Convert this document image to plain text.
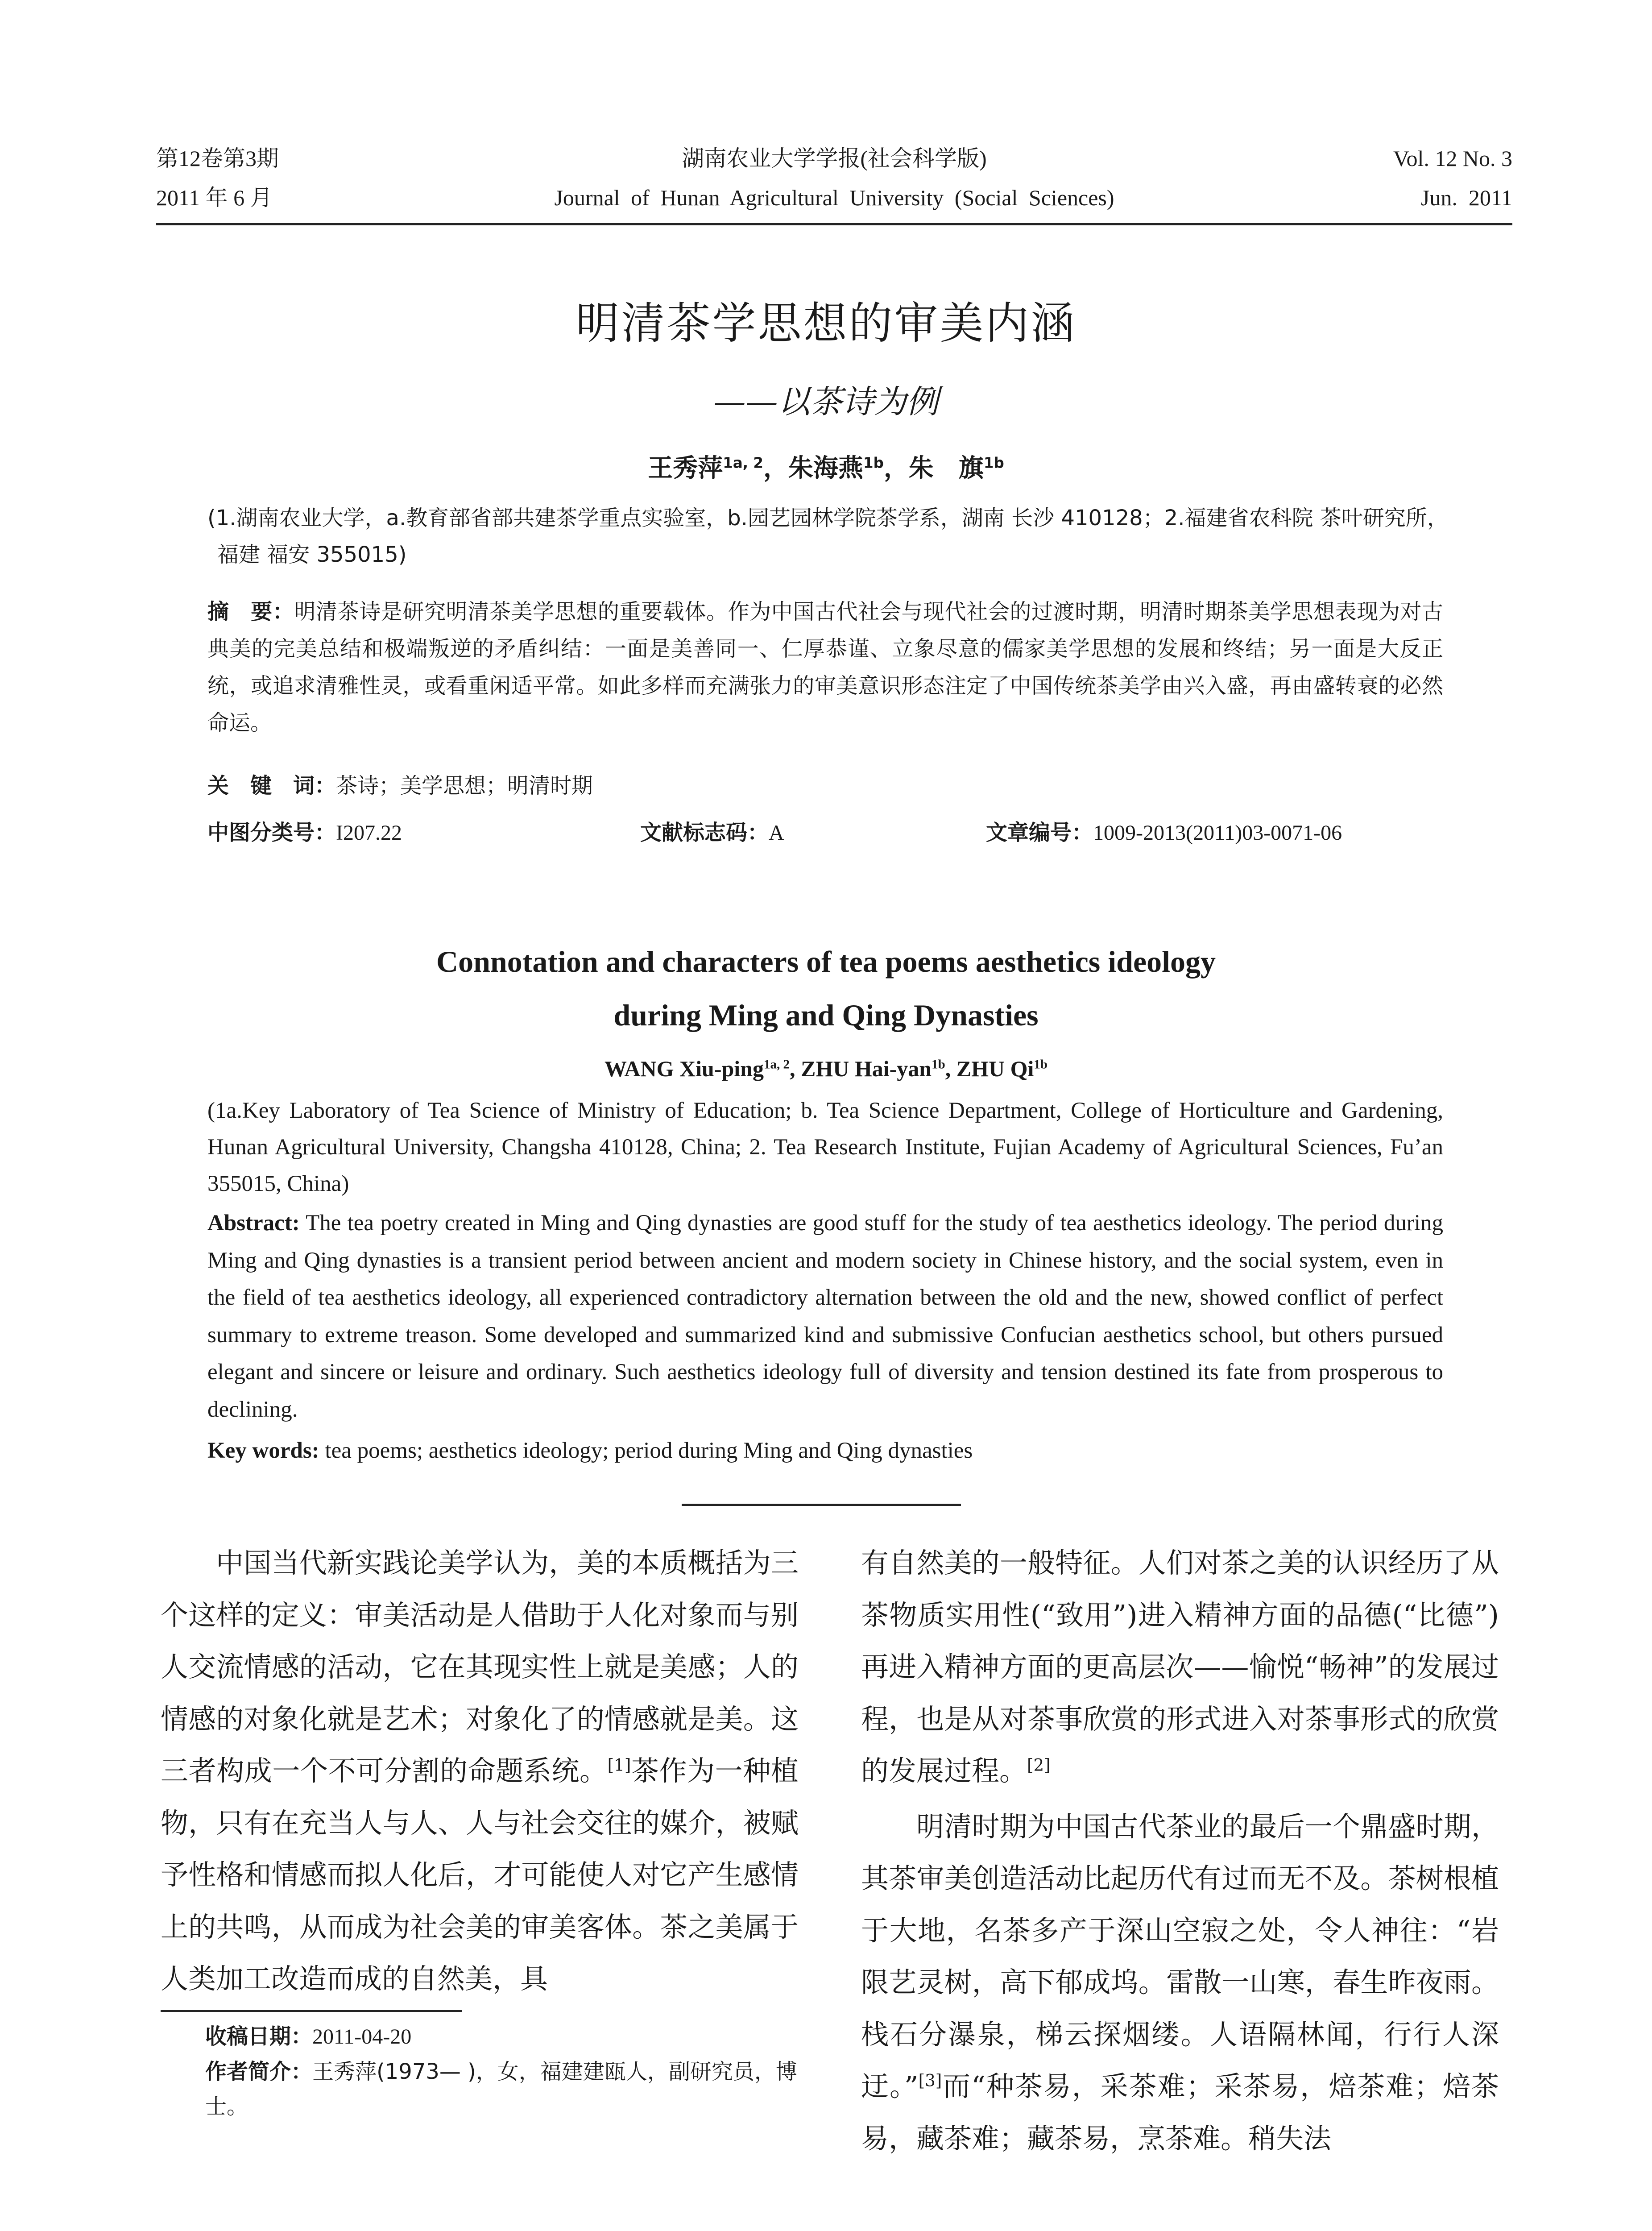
第12卷第3期	湖南农业大学学报(社会科学版)	Vol. 12 No. 3
2011 年 6 月	Journal of Hunan Agricultural University (Social Sciences)	Jun.  2011
明清茶学思想的审美内涵
——以茶诗为例
王秀萍$^{1a, 2}$，朱海燕$^{1b}$，朱　旗$^{1b}$
(1.湖南农业大学，a.教育部省部共建茶学重点实验室，b.园艺园林学院茶学系，湖南 长沙 410128；2.福建省农科院 茶叶研究所，福建 福安 355015)
摘　要：明清茶诗是研究明清茶美学思想的重要载体。作为中国古代社会与现代社会的过渡时期，明清时期茶美学思想表现为对古典美的完美总结和极端叛逆的矛盾纠结：一面是美善同一、仁厚恭谨、立象尽意的儒家美学思想的发展和终结；另一面是大反正统，或追求清雅性灵，或看重闲适平常。如此多样而充满张力的审美意识形态注定了中国传统茶美学由兴入盛，再由盛转衰的必然命运。
关　键　词：茶诗；美学思想；明清时期
中图分类号：I207.22	文献标志码：A	文章编号：1009-2013(2011)03-0071-06
Connotation and characters of tea poems aesthetics ideology
during Ming and Qing Dynasties
WANG Xiu-ping$^{1a, 2}$, ZHU Hai-yan$^{1b}$, ZHU $Qi^{1b}$
(1a.Key Laboratory of Tea Science of Ministry of Education; b. Tea Science Department, College of Horticulture and Gardening, Hunan Agricultural University, Changsha 410128, China; 2. Tea Research Institute, Fujian Academy of Agricultural Sciences, Fu’an 355015, China)
Abstract: The tea poetry created in Ming and Qing dynasties are good stuff for the study of tea aesthetics ideology. The period during Ming and Qing dynasties is a transient period between ancient and modern society in Chinese history, and the social system, even in the field of tea aesthetics ideology, all experienced contradictory alternation between the old and the new, showed conflict of perfect summary to extreme treason. Some developed and summarized kind and submissive Confucian aesthetics school, but others pursued elegant and sincere or leisure and ordinary. Such aesthetics ideology full of diversity and tension destined its fate from prosperous to declining.
Key words: tea poems; aesthetics ideology; period during Ming and Qing dynasties

中国当代新实践论美学认为，美的本质概括为三个这样的定义：审美活动是人借助于人化对象而与别人交流情感的活动，它在其现实性上就是美感；人的情感的对象化就是艺术；对象化了的情感就是美。这三者构成一个不可分割的命题系统。[1]茶作为一种植物，只有在充当人与人、人与社会交往的媒介，被赋予性格和情感而拟人化后，才可能使人对它产生感情上的共鸣，从而成为社会美的审美客体。茶之美属于人类加工改造而成的自然美，具

有自然美的一般特征。人们对茶之美的认识经历了从茶物质实用性(“致用”)进入精神方面的品德(“比德”)再进入精神方面的更高层次——愉悦“畅神”的发展过程，也是从对茶事欣赏的形式进入对茶事形式的欣赏的发展过程。[2]

明清时期为中国古代茶业的最后一个鼎盛时期，其茶审美创造活动比起历代有过而无不及。茶树根植于大地，名茶多产于深山空寂之处，令人神往：“岩限艺灵树，高下郁成坞。雷散一山寒，春生昨夜雨。栈石分瀑泉，梯云探烟缕。人语隔林闻，行行人深迂。”[3]而“种茶易，采茶难；采茶易，焙茶难；焙茶易，藏茶难；藏茶易，烹茶难。稍失法

收稿日期：2011-04-20

作者简介：王秀萍(1973— )，女，福建建瓯人，副研究员，博士。
